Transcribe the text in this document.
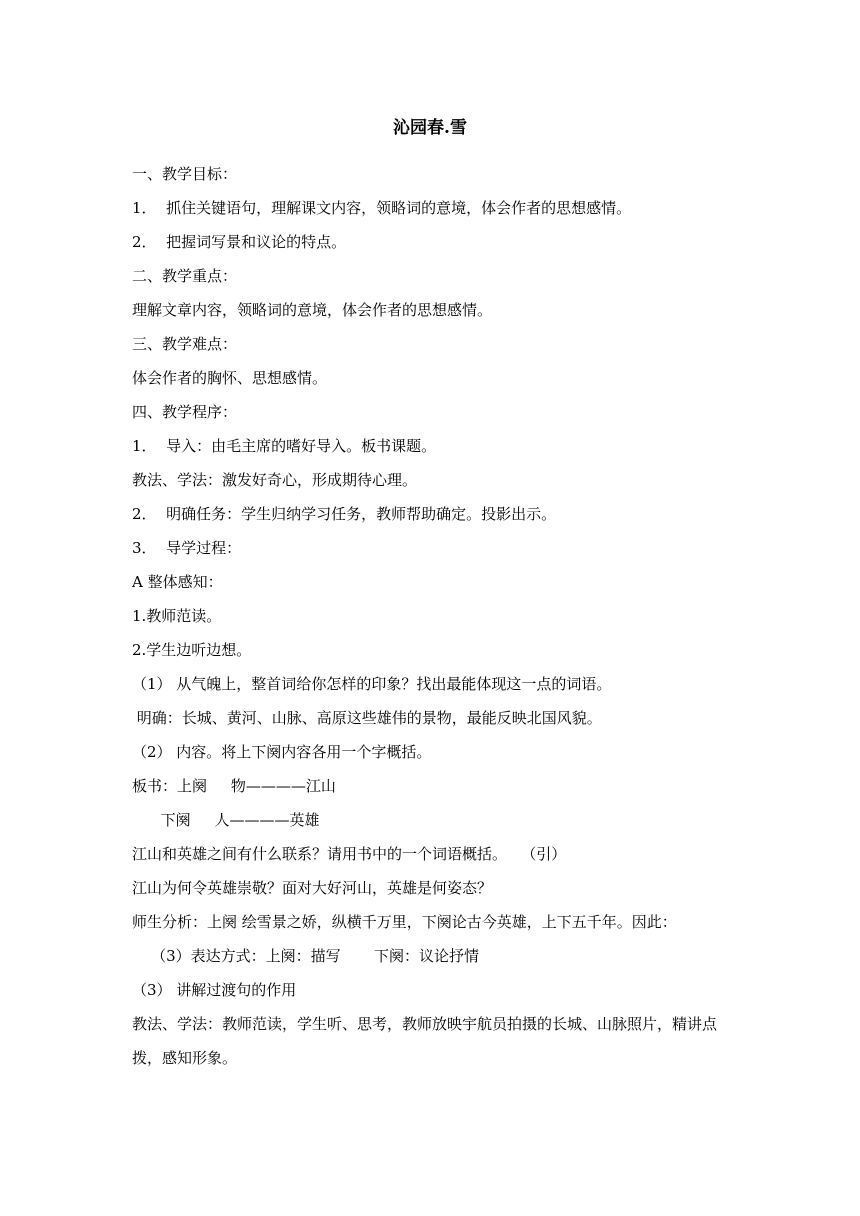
沁园春.雪
一、教学目标：
1．  抓住关键语句，理解课文内容，领略词的意境，体会作者的思想感情。
2．  把握词写景和议论的特点。
二、教学重点：
理解文章内容，领略词的意境，体会作者的思想感情。
三、教学难点：
体会作者的胸怀、思想感情。
四、教学程序：
1．  导入：由毛主席的嗜好导入。板书课题。
教法、学法：激发好奇心，形成期待心理。
2．  明确任务：学生归纳学习任务，教师帮助确定。投影出示。
3．  导学过程：
A 整体感知：
1.教师范读。
2.学生边听边想。
（1） 从气魄上，整首词给你怎样的印象？找出最能体现这一点的词语。
明确：长城、黄河、山脉、高原这些雄伟的景物，最能反映北国风貌。
（2） 内容。将上下阕内容各用一个字概括。
板书：上阕     物————江山
下阕     人————英雄
江山和英雄之间有什么联系？请用书中的一个词语概括。   （引）
江山为何令英雄崇敬？面对大好河山，英雄是何姿态？
师生分析：上阕 绘雪景之娇，纵横千万里，下阕论古今英雄，上下五千年。因此：
（3）表达方式：上阕：描写       下阕：议论抒情
（3） 讲解过渡句的作用
教法、学法：教师范读，学生听、思考，教师放映宇航员拍摄的长城、山脉照片，精讲点拨，感知形象。
